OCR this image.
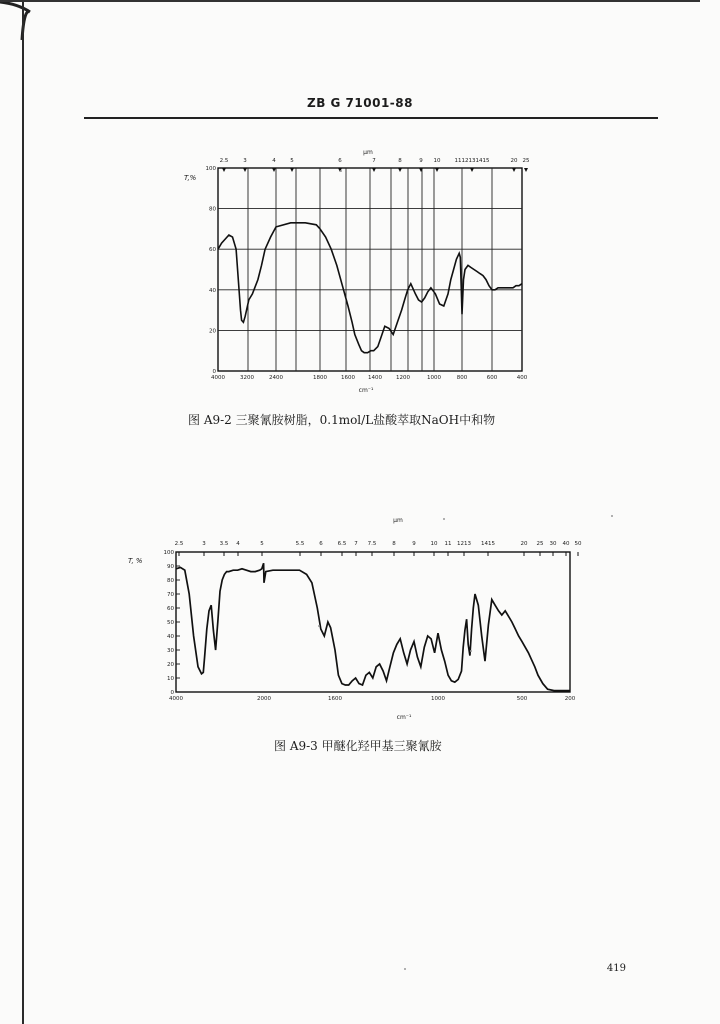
ZB G 71001-88
μm
T,%
cm⁻¹
0
20
40
60
80
100
4000	3200	2400	1800	1600 1400	1200	1000	800	600	400
2.5	3	4	5	6	7	8	9 10	1112131415	20 25
图 A9-2 三聚氰胺树脂，0.1mol/L盐酸萃取NaOH中和物
μm
T, %
cm⁻¹
0
10
20
30
40
50
60
70
80
90
100
4000	2000	1600	1000	500	200
2.5	3	3.5 4	5	5.5	6	6.5 7 7.5	8	9	10 11 1213 1415	20 25 30 40 50
图 A9-3 甲醚化羟甲基三聚氰胺
419
